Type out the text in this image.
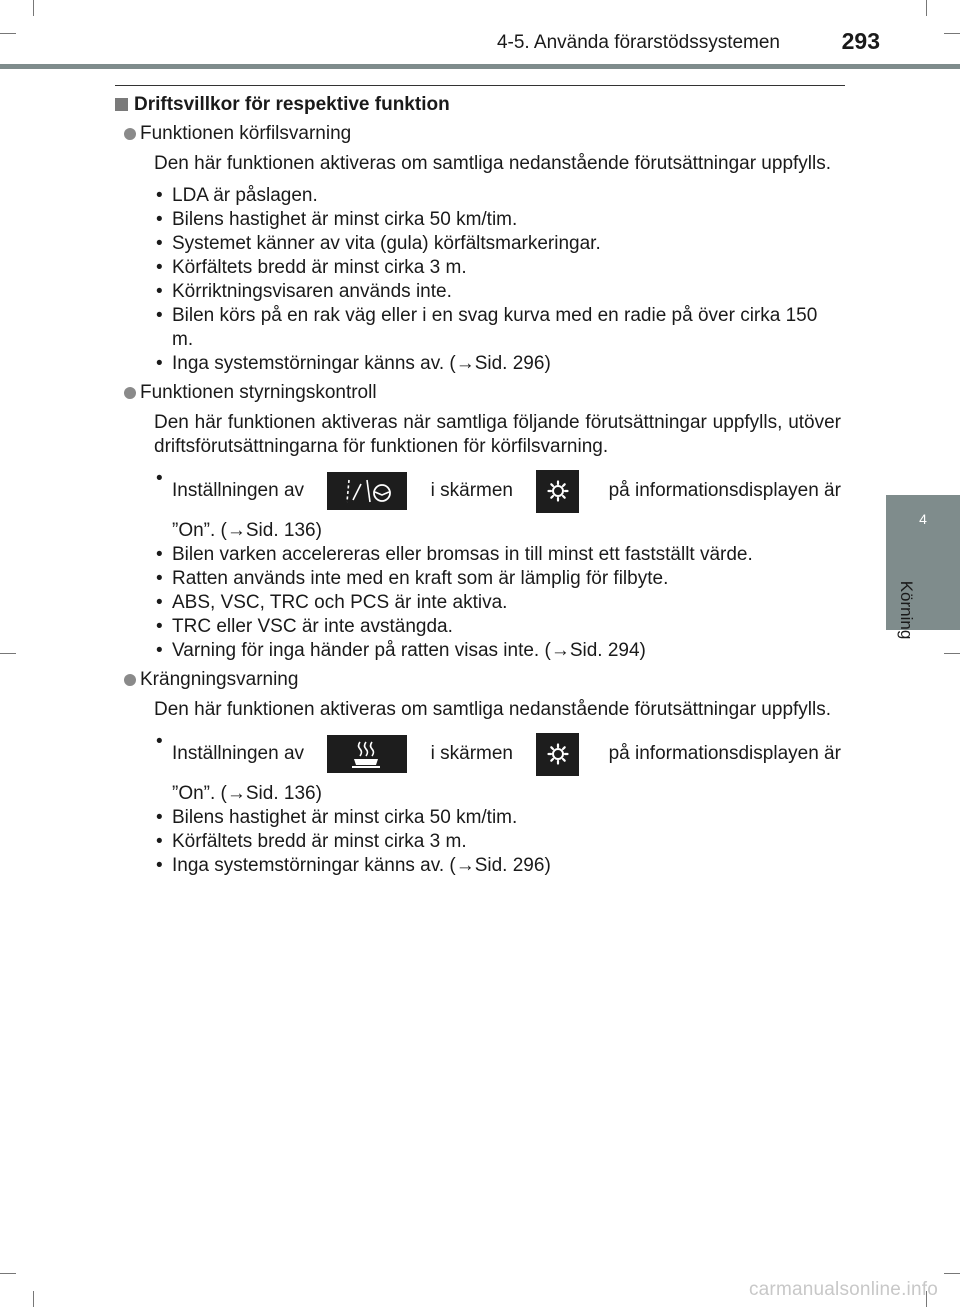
4-5. Använda förarstödssystemen	293
4
Körning
Driftsvillkor för respektive funktion
Funktionen körfilsvarning
Den här funktionen aktiveras om samtliga nedanstående förutsättningar uppfylls.
• LDA är påslagen.
• Bilens hastighet är minst cirka 50 km/tim.
• Systemet känner av vita (gula) körfältsmarkeringar.
• Körfältets bredd är minst cirka 3 m.
• Körriktningsvisaren används inte.
• Bilen körs på en rak väg eller i en svag kurva med en radie på över cirka 150 m.
• Inga systemstörningar känns av. (→Sid. 296)
Funktionen styrningskontroll
Den här funktionen aktiveras när samtliga följande förutsättningar uppfylls, utöver driftsförutsättningarna för funktionen för körfilsvarning.
• Inställningen av	i skärmen	på informationsdisplayen är
”On”. (→Sid. 136)
• Bilen varken accelereras eller bromsas in till minst ett fastställt värde.
• Ratten används inte med en kraft som är lämplig för filbyte.
• ABS, VSC, TRC och PCS är inte aktiva.
• TRC eller VSC är inte avstängda.
• Varning för inga händer på ratten visas inte. (→Sid. 294)
Krängningsvarning
Den här funktionen aktiveras om samtliga nedanstående förutsättningar uppfylls.
• Inställningen av	i skärmen	på informationsdisplayen är
”On”. (→Sid. 136)
• Bilens hastighet är minst cirka 50 km/tim.
• Körfältets bredd är minst cirka 3 m.
• Inga systemstörningar känns av. (→Sid. 296)
carmanualsonline.info
